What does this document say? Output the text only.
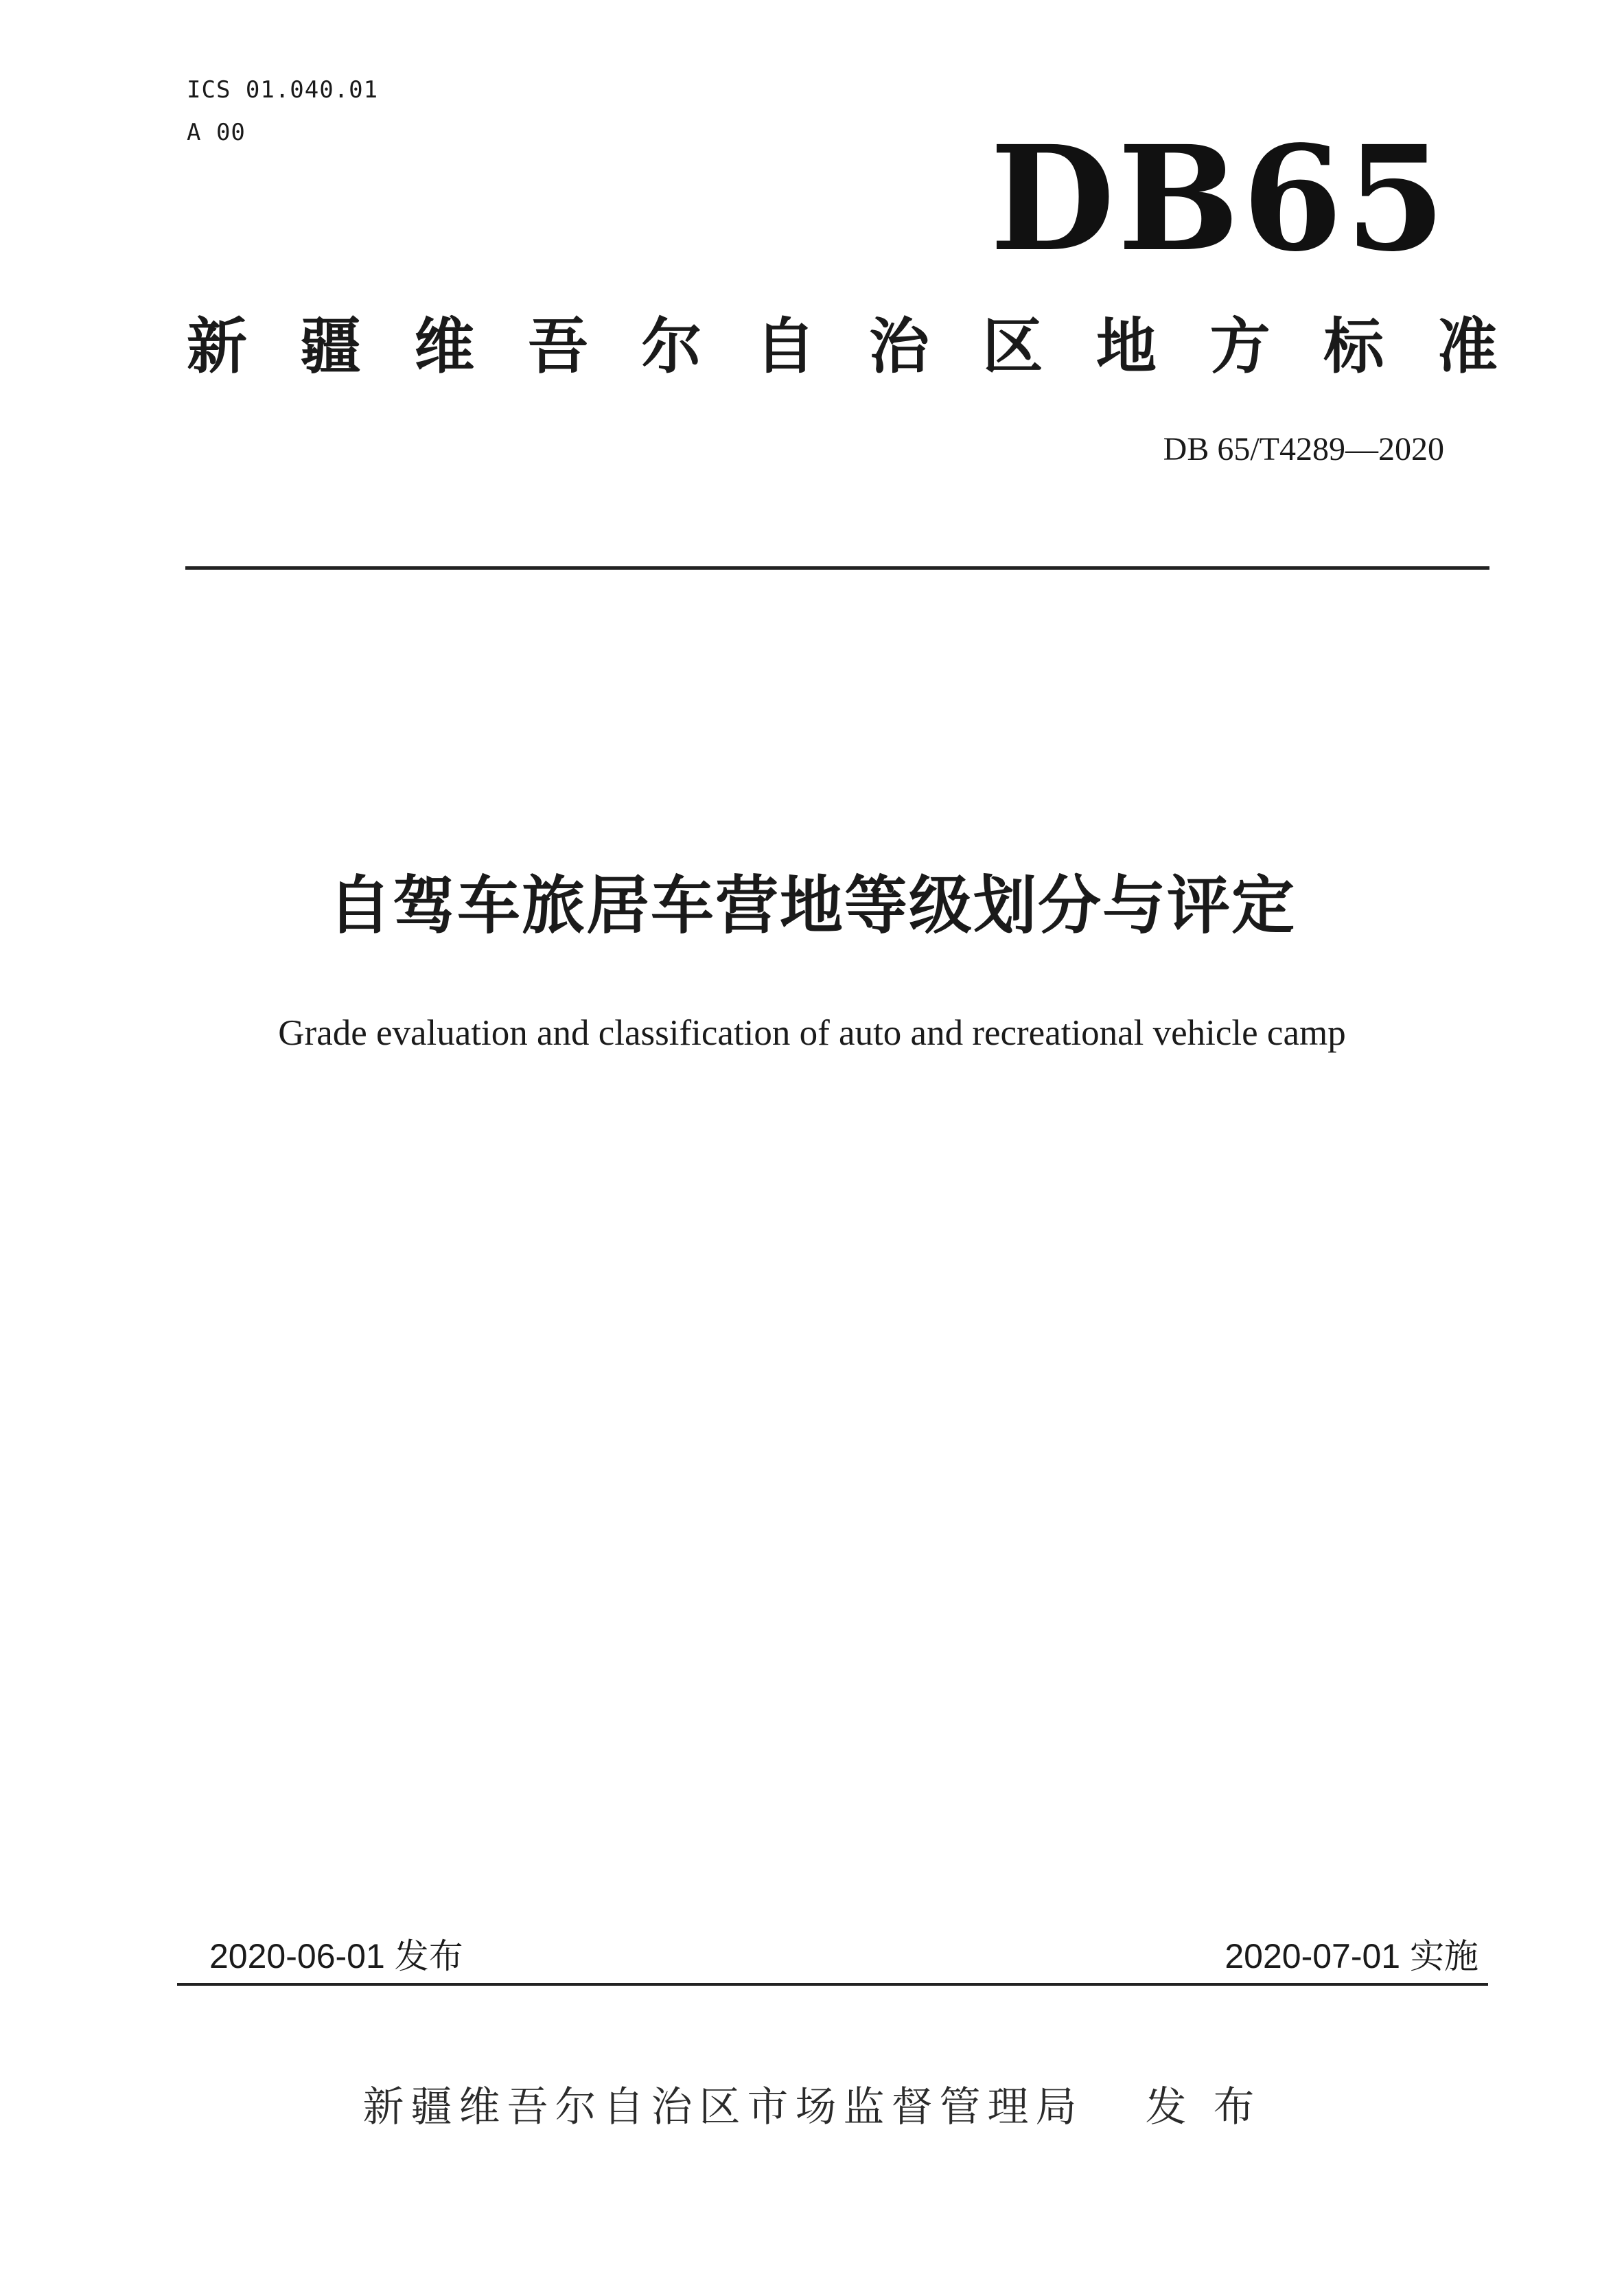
ICS 01.040.01
A 00	DB65
新 疆 维 吾 尔 自 治 区 地 方 标 准
DB 65/T4289—2020
自驾车旅居车营地等级划分与评定
Grade evaluation and classification of auto and recreational vehicle camp
2020-06-01 发布	2020-07-01 实施
新疆维吾尔自治区市场监督管理局 发 布
